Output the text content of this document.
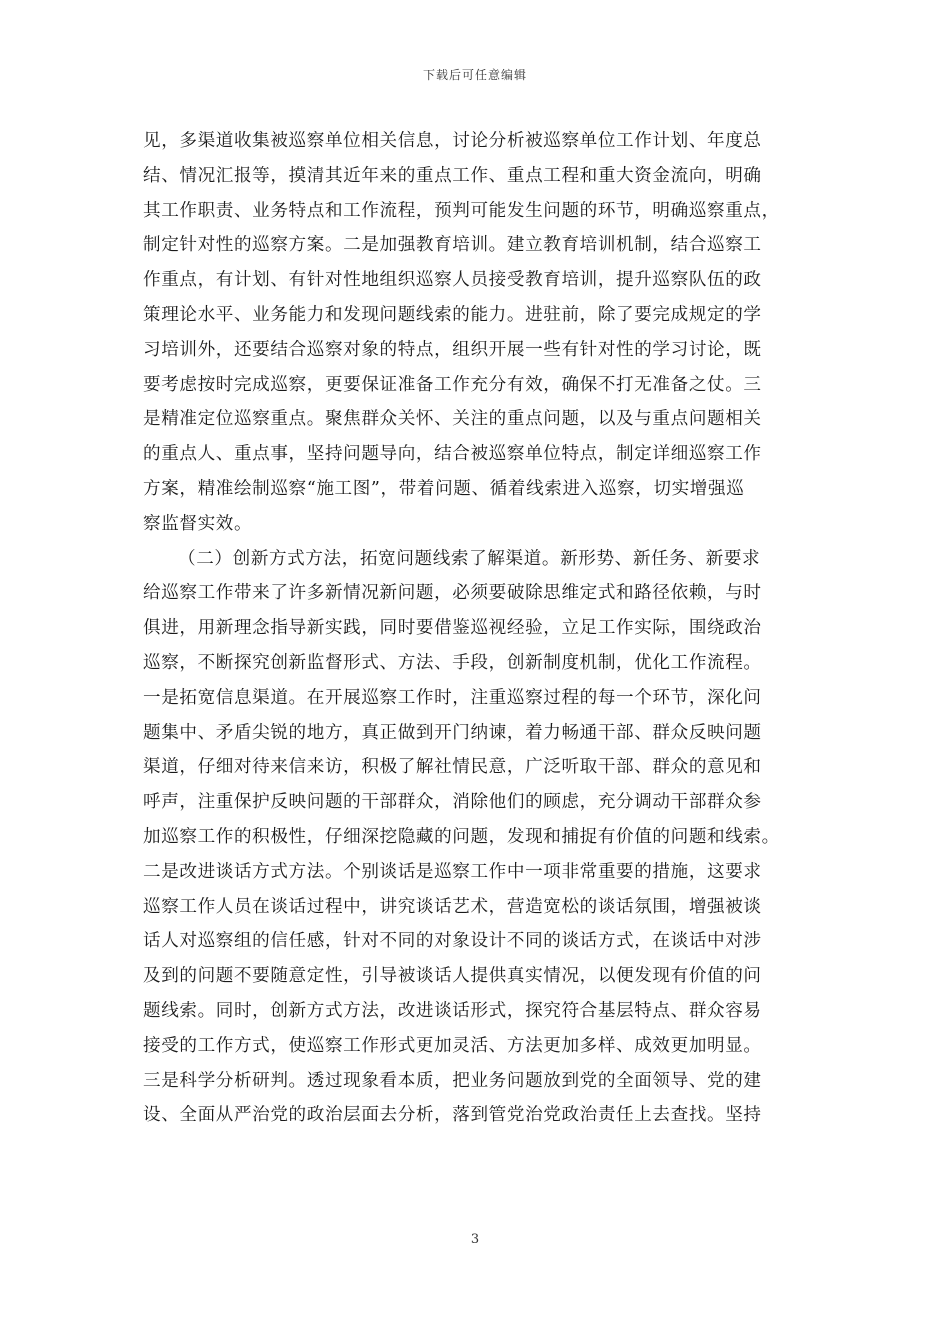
下载后可任意编辑
见，多渠道收集被巡察单位相关信息，讨论分析被巡察单位工作计划、年度总
结、情况汇报等，摸清其近年来的重点工作、重点工程和重大资金流向，明确
其工作职责、业务特点和工作流程，预判可能发生问题的环节，明确巡察重点，
制定针对性的巡察方案。二是加强教育培训。建立教育培训机制，结合巡察工
作重点，有计划、有针对性地组织巡察人员接受教育培训，提升巡察队伍的政
策理论水平、业务能力和发现问题线索的能力。进驻前，除了要完成规定的学
习培训外，还要结合巡察对象的特点，组织开展一些有针对性的学习讨论，既
要考虑按时完成巡察，更要保证准备工作充分有效，确保不打无准备之仗。三
是精准定位巡察重点。聚焦群众关怀、关注的重点问题，以及与重点问题相关
的重点人、重点事，坚持问题导向，结合被巡察单位特点，制定详细巡察工作
方案，精准绘制巡察“施工图”，带着问题、循着线索进入巡察，切实增强巡
察监督实效。
（二）创新方式方法，拓宽问题线索了解渠道。新形势、新任务、新要求
给巡察工作带来了许多新情况新问题，必须要破除思维定式和路径依赖，与时
俱进，用新理念指导新实践，同时要借鉴巡视经验，立足工作实际，围绕政治
巡察，不断探究创新监督形式、方法、手段，创新制度机制，优化工作流程。
一是拓宽信息渠道。在开展巡察工作时，注重巡察过程的每一个环节，深化问
题集中、矛盾尖锐的地方，真正做到开门纳谏，着力畅通干部、群众反映问题
渠道，仔细对待来信来访，积极了解社情民意，广泛听取干部、群众的意见和
呼声，注重保护反映问题的干部群众，消除他们的顾虑，充分调动干部群众参
加巡察工作的积极性，仔细深挖隐藏的问题，发现和捕捉有价值的问题和线索。
二是改进谈话方式方法。个别谈话是巡察工作中一项非常重要的措施，这要求
巡察工作人员在谈话过程中，讲究谈话艺术，营造宽松的谈话氛围，增强被谈
话人对巡察组的信任感，针对不同的对象设计不同的谈话方式，在谈话中对涉
及到的问题不要随意定性，引导被谈话人提供真实情况，以便发现有价值的问
题线索。同时，创新方式方法，改进谈话形式，探究符合基层特点、群众容易
接受的工作方式，使巡察工作形式更加灵活、方法更加多样、成效更加明显。
三是科学分析研判。透过现象看本质，把业务问题放到党的全面领导、党的建
设、全面从严治党的政治层面去分析，落到管党治党政治责任上去查找。坚持
3
